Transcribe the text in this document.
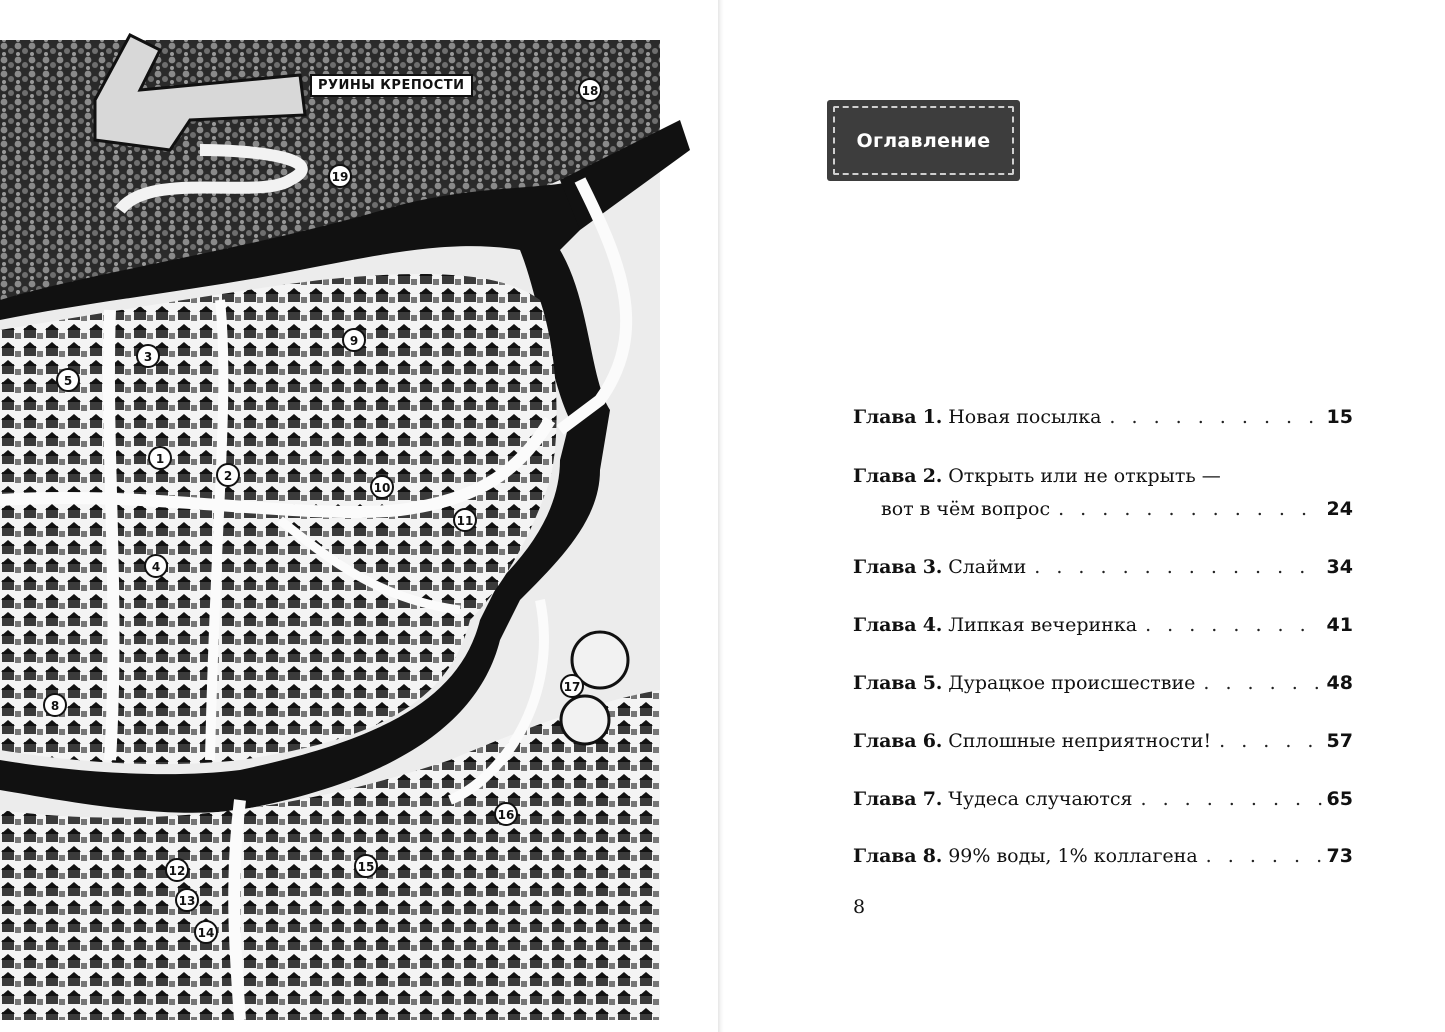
1
2
3
4
5
8
9
10
11
12
13
14
15
16
17
18
19
РУИНЫ КРЕПОСТИ
Оглавление
Глава 1. Новая посылка . . .	15
Глава 2. Открыть или не открыть —
вот в чём вопрос . . .	24
Глава 3. Слайми . . .	34
Глава 4. Липкая вечеринка . . .	41
Глава 5. Дурацкое происшествие . . .	48
Глава 6. Сплошные неприятности! . . .	57
Глава 7. Чудеса случаются . . .	65
Глава 8. 99% воды, 1% коллагена . . .	73
8
